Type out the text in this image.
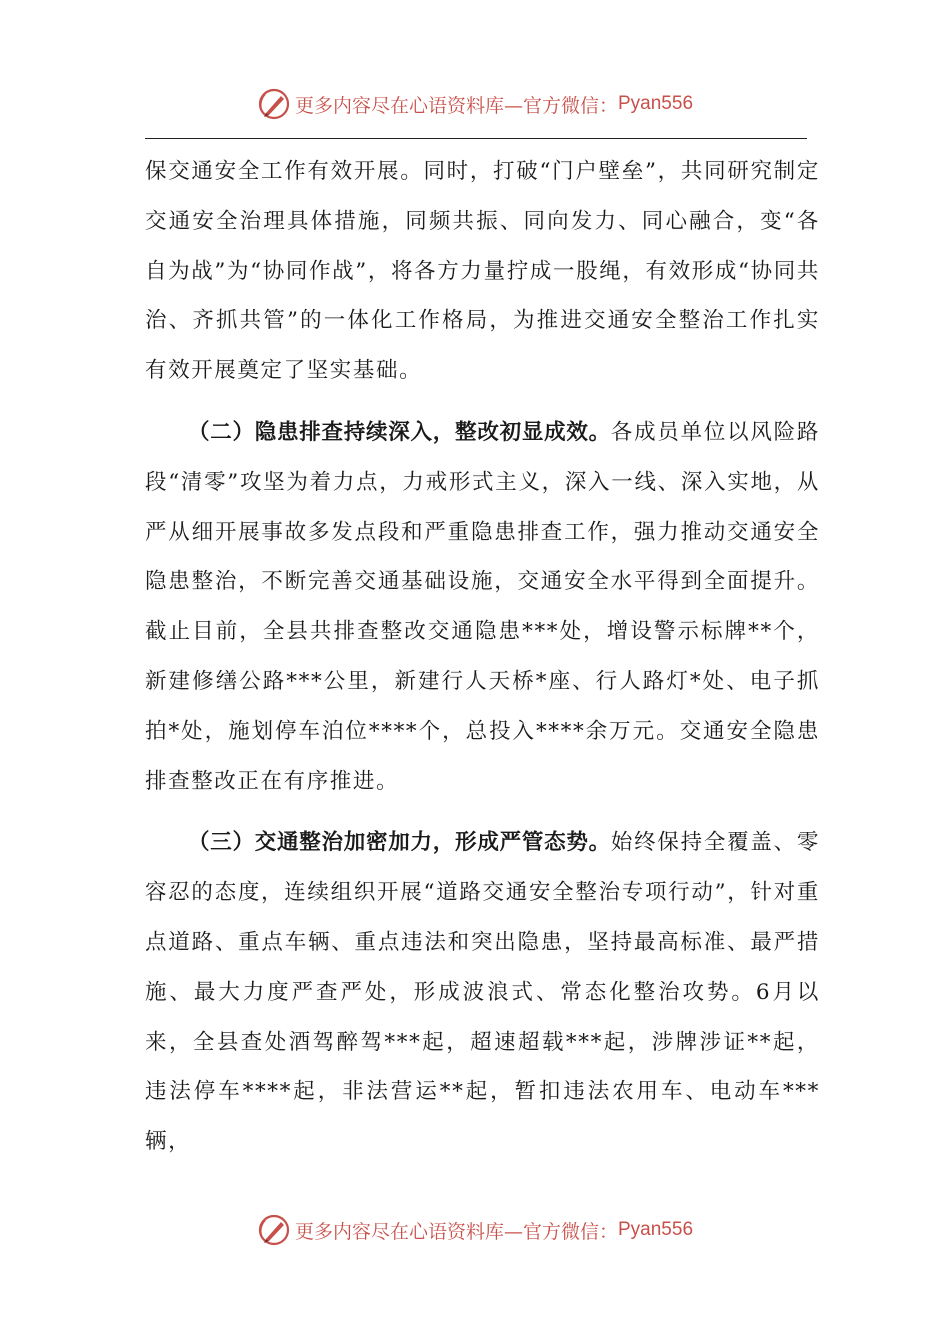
更多内容尽在心语资料库—官方微信： Pyan556

保交通安全工作有效开展。同时，打破“门户壁垒”，共同研究制定交通安全治理具体措施，同频共振、同向发力、同心融合，变“各自为战”为“协同作战”，将各方力量拧成一股绳，有效形成“协同共治、齐抓共管”的一体化工作格局，为推进交通安全整治工作扎实有效开展奠定了坚实基础。

（二）隐患排查持续深入，整改初显成效。各成员单位以风险路段“清零”攻坚为着力点，力戒形式主义，深入一线、深入实地，从严从细开展事故多发点段和严重隐患排查工作，强力推动交通安全隐患整治，不断完善交通基础设施，交通安全水平得到全面提升。截止目前，全县共排查整改交通隐患***处，增设警示标牌**个，新建修缮公路***公里，新建行人天桥*座、行人路灯*处、电子抓拍*处，施划停车泊位****个，总投入****余万元。交通安全隐患排查整改正在有序推进。

（三）交通整治加密加力，形成严管态势。始终保持全覆盖、零容忍的态度，连续组织开展“道路交通安全整治专项行动”，针对重点道路、重点车辆、重点违法和突出隐患，坚持最高标准、最严措施、最大力度严查严处，形成波浪式、常态化整治攻势。6月以来，全县查处酒驾醉驾***起，超速超载***起，涉牌涉证**起，违法停车****起，非法营运**起，暂扣违法农用车、电动车***辆，

更多内容尽在心语资料库—官方微信： Pyan556
